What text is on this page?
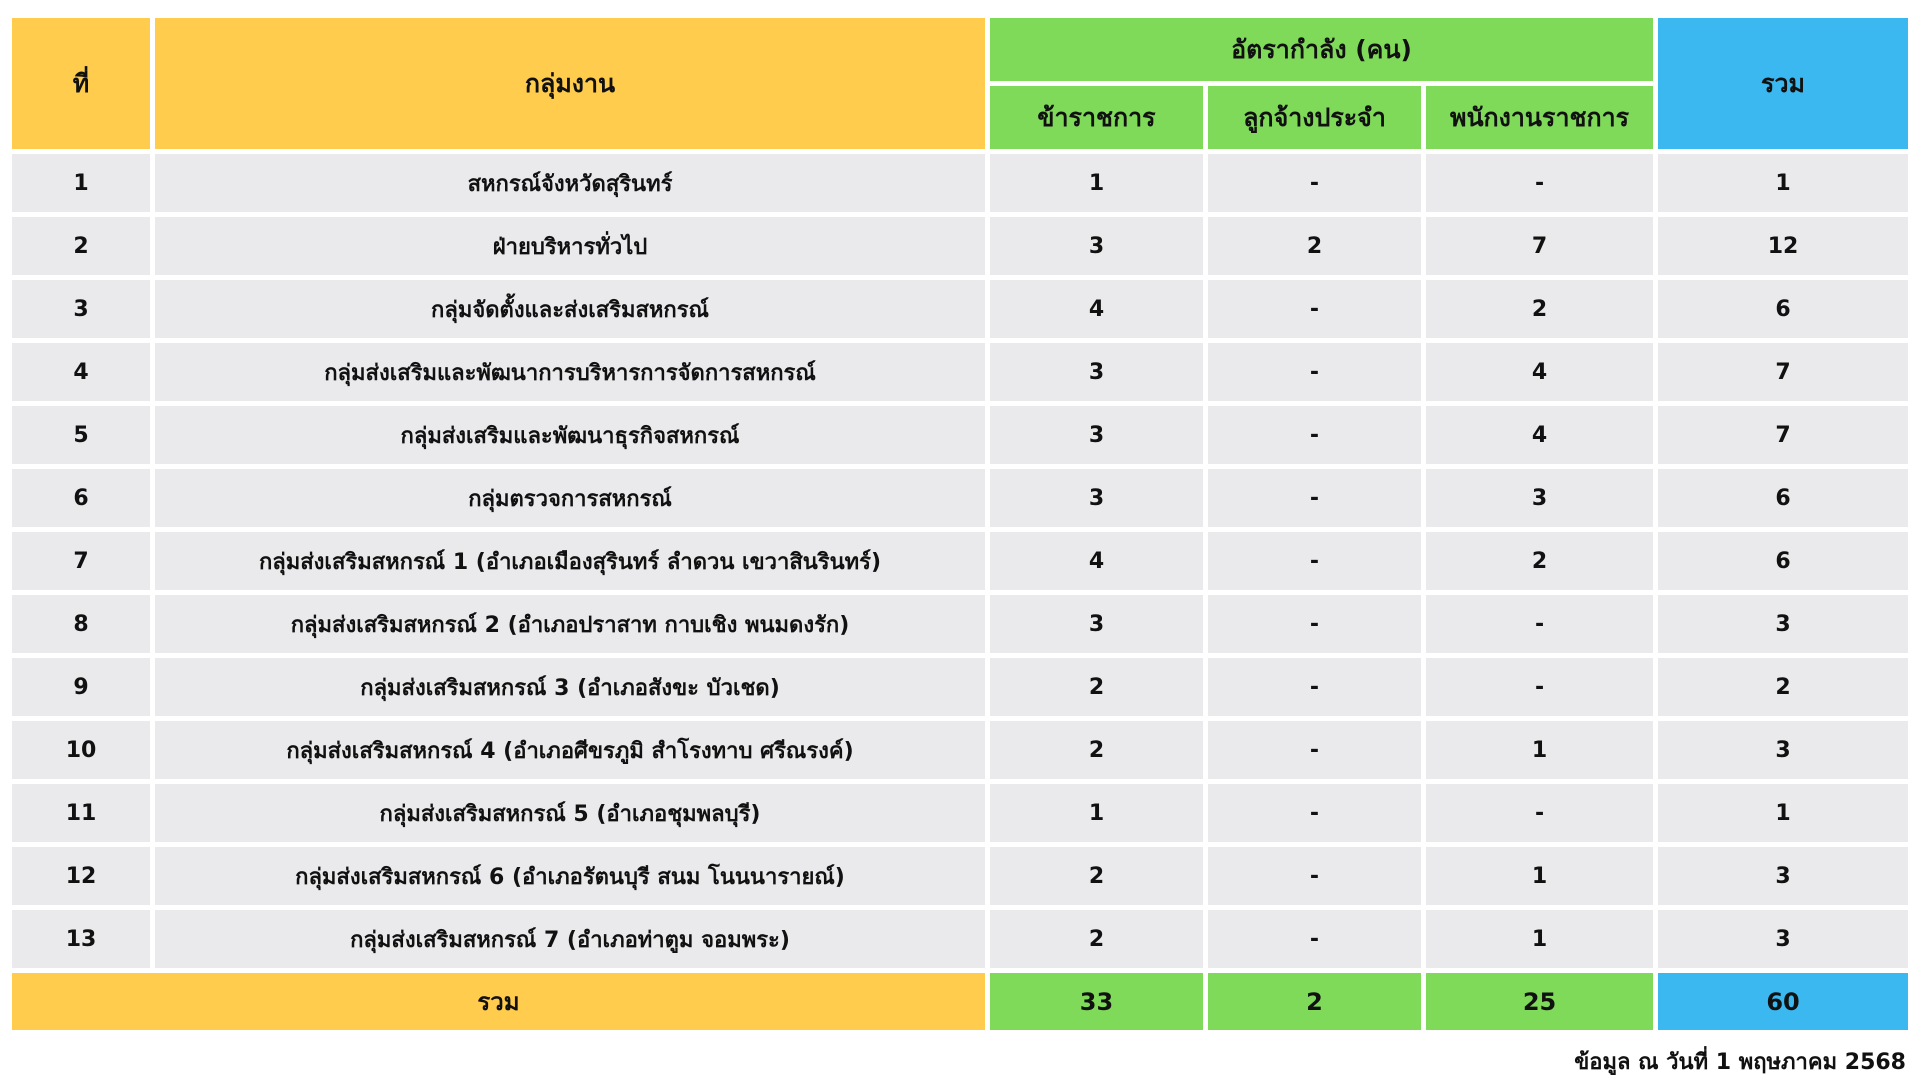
ที่	กลุ่มงาน	อัตรากำลัง (คน)			รวม
		ข้าราชการ	ลูกจ้างประจำ	พนักงานราชการ	
1	สหกรณ์จังหวัดสุรินทร์	1	-	-	1
2	ฝ่ายบริหารทั่วไป	3	2	7	12
3	กลุ่มจัดตั้งและส่งเสริมสหกรณ์	4	-	2	6
4	กลุ่มส่งเสริมและพัฒนาการบริหารการจัดการสหกรณ์	3	-	4	7
5	กลุ่มส่งเสริมและพัฒนาธุรกิจสหกรณ์	3	-	4	7
6	กลุ่มตรวจการสหกรณ์	3	-	3	6
7	กลุ่มส่งเสริมสหกรณ์ 1 (อำเภอเมืองสุรินทร์ ลำดวน เขวาสินรินทร์)	4	-	2	6
8	กลุ่มส่งเสริมสหกรณ์ 2 (อำเภอปราสาท กาบเชิง พนมดงรัก)	3	-	-	3
9	กลุ่มส่งเสริมสหกรณ์ 3 (อำเภอสังขะ บัวเชด)	2	-	-	2
10	กลุ่มส่งเสริมสหกรณ์ 4 (อำเภอศีขรภูมิ สำโรงทาบ ศรีณรงค์)	2	-	1	3
11	กลุ่มส่งเสริมสหกรณ์ 5 (อำเภอชุมพลบุรี)	1	-	-	1
12	กลุ่มส่งเสริมสหกรณ์ 6 (อำเภอรัตนบุรี สนม โนนนารายณ์)	2	-	1	3
13	กลุ่มส่งเสริมสหกรณ์ 7 (อำเภอท่าตูม จอมพระ)	2	-	1	3
รวม		33	2	25	60
ข้อมูล ณ วันที่ 1 พฤษภาคม 2568
